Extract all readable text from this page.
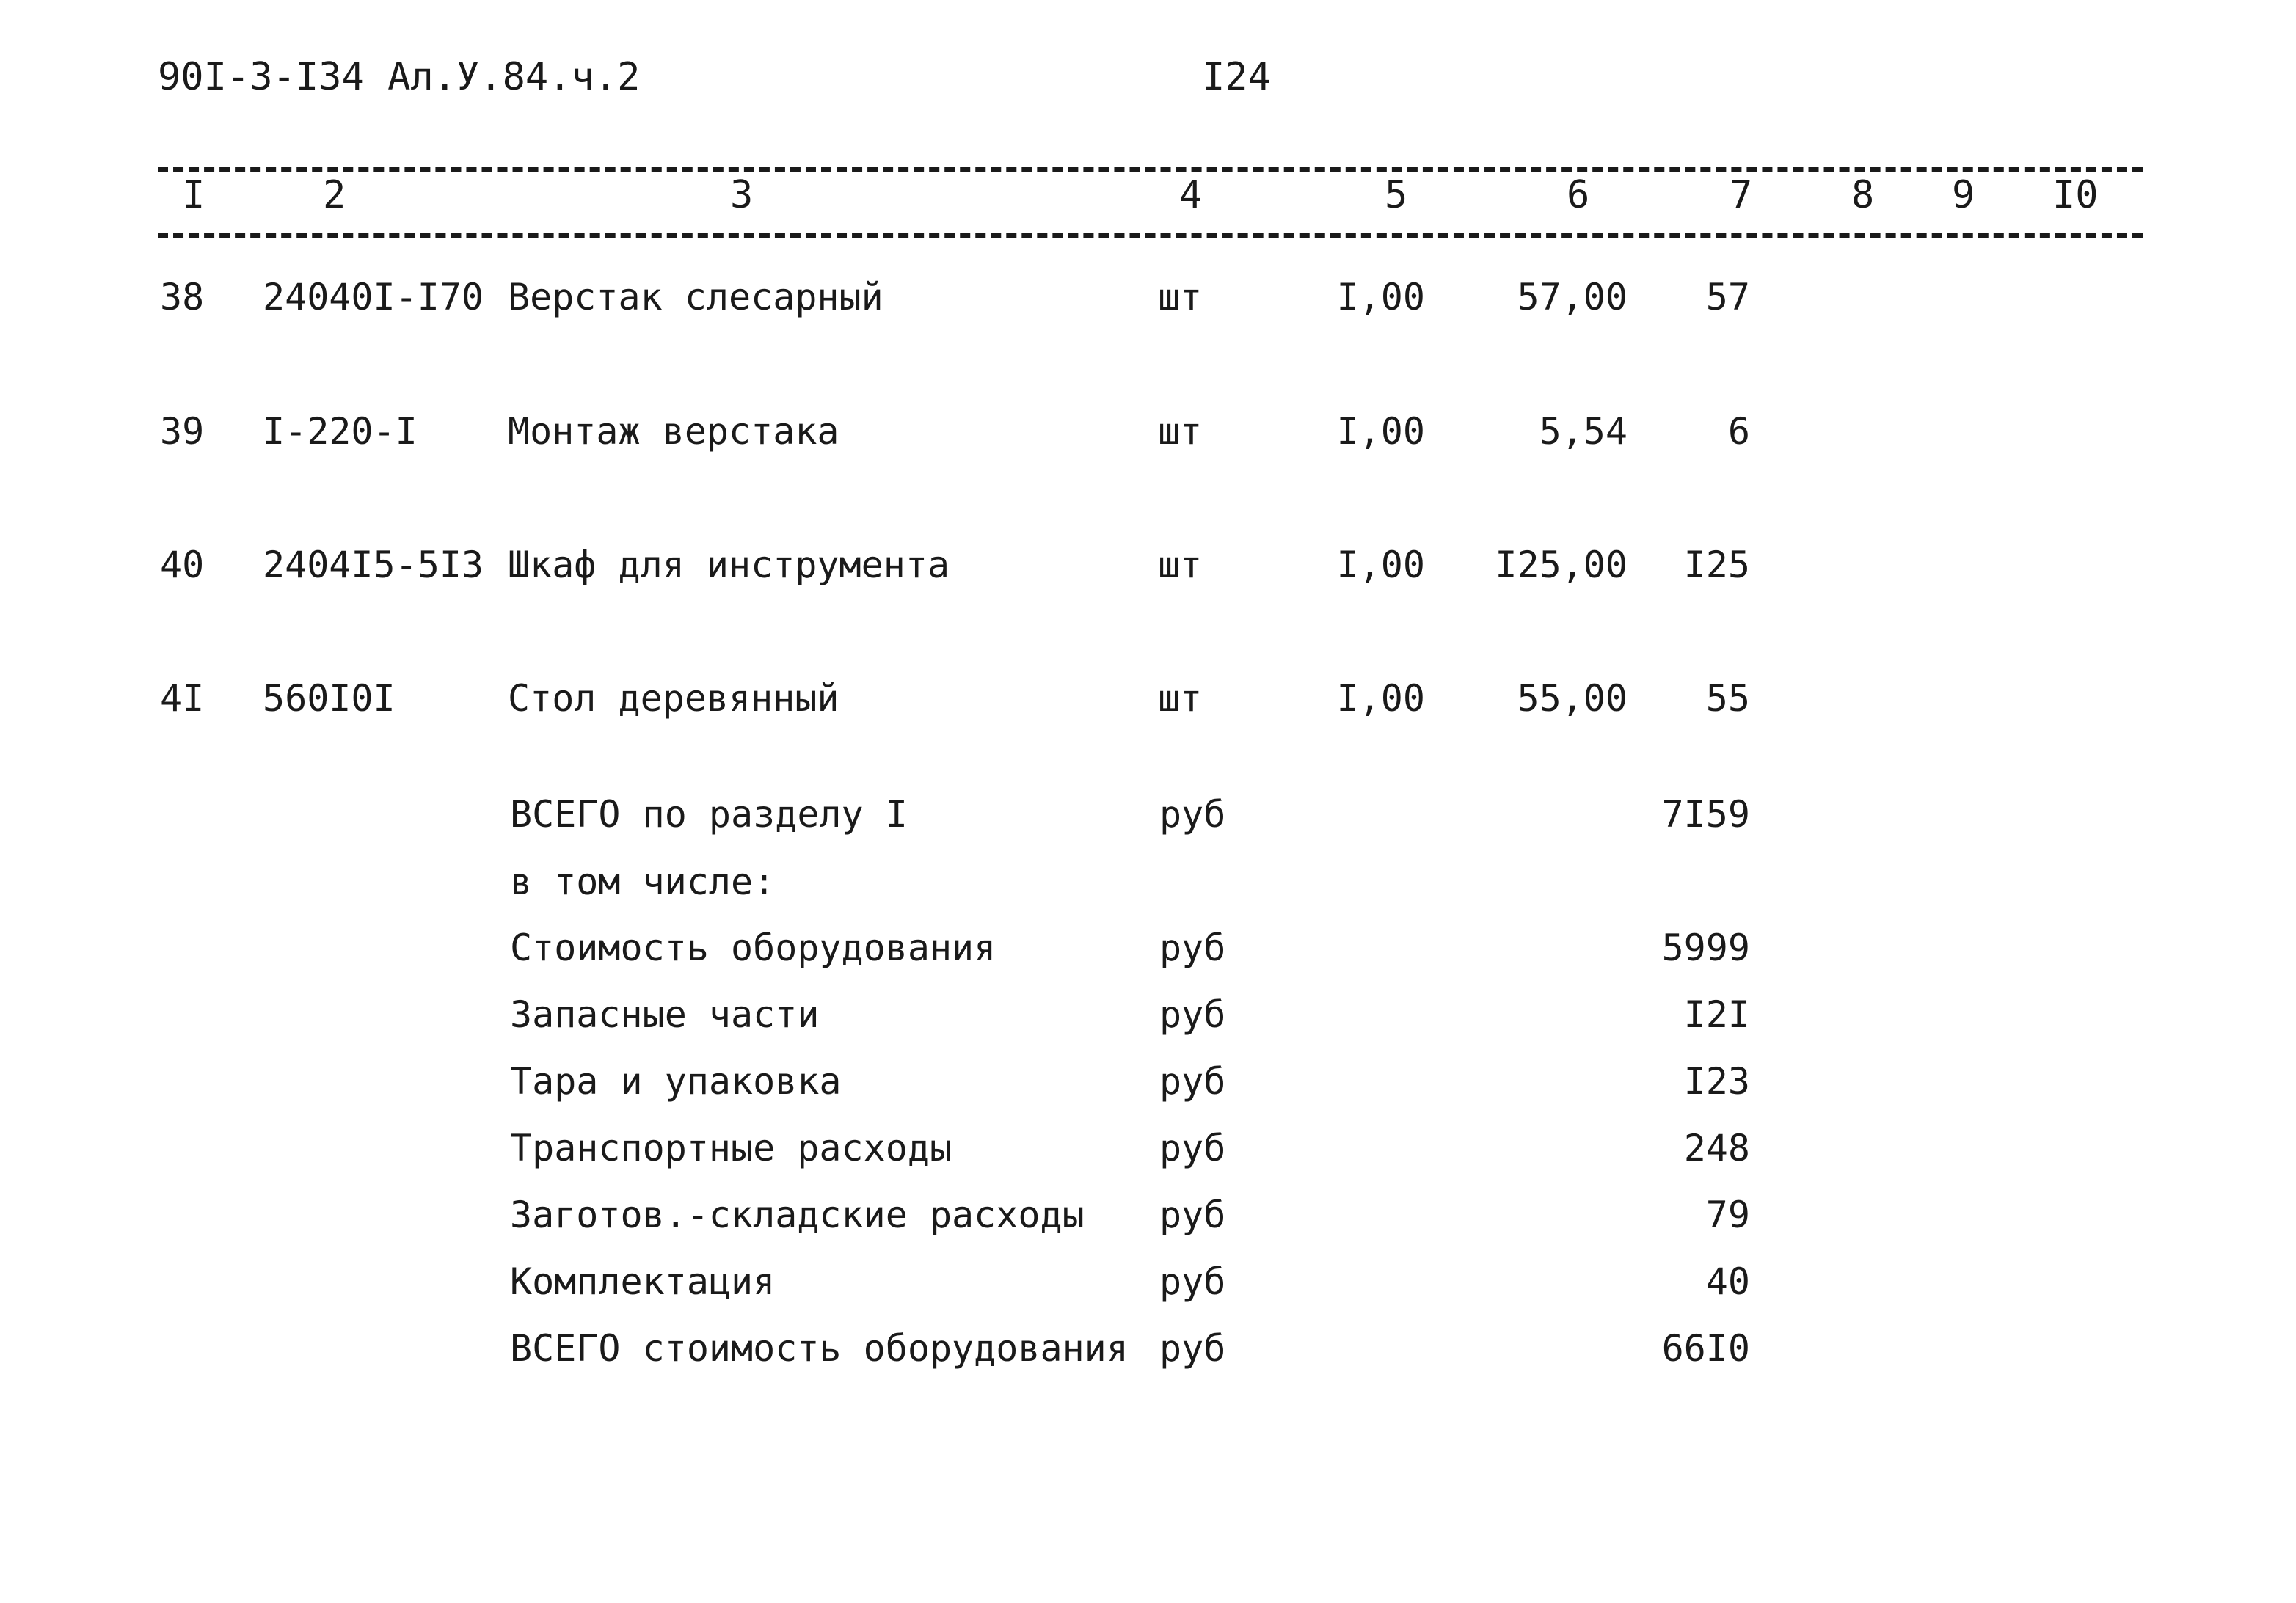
90I-3-I34 Ал.У.84.ч.2	I24
I	2	3	4	5	6	7	8 9 I0
38 24040I-I70 Верстак слесарный	шт	I,00	57,00	57
39 I-220-I Монтаж верстака	шт	I,00	5,54	6
40 2404I5-5I3 Шкаф для инструмента	шт	I,00	I25,00	I25
4I 560I0I	Стол деревянный	шт	I,00	55,00	55
ВСЕГО по разделу I	руб	7I59
в том числе:
Стоимость оборудования	руб	5999
Запасные части	руб	I2I
Тара и упаковка	руб	I23
Транспортные расходы	руб	248
Заготов.-складские расходы руб	79
Комплектация	руб	40
ВСЕГО стоимость оборудования руб	66I0
